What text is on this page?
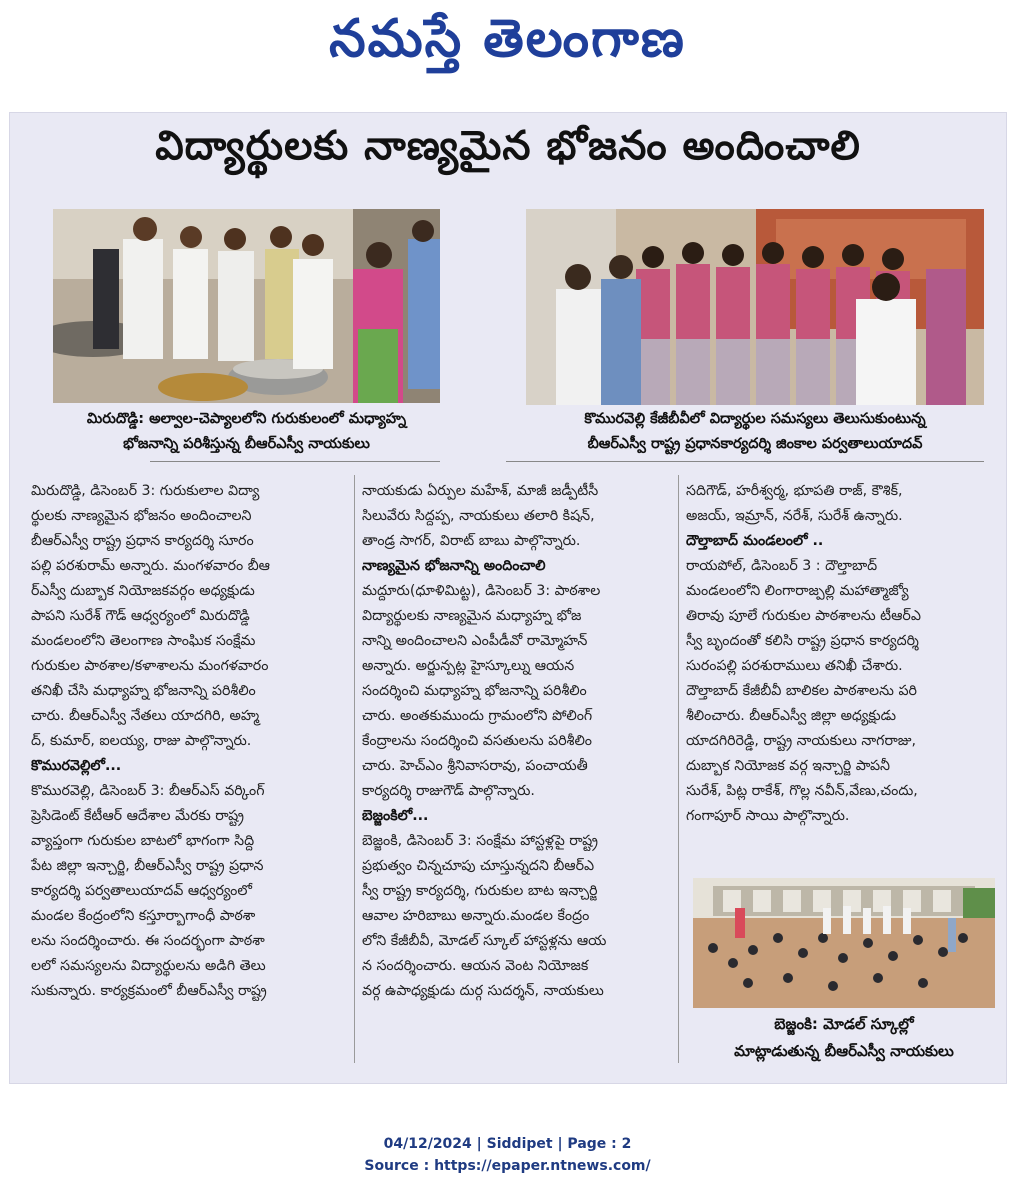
నమస్తే తెలంగాణ
విద్యార్థులకు నాణ్యమైన భోజనం అందించాలి
మిరుదొడ్డి: అల్వాల-చెప్యాలలోని గురుకులంలో మధ్యాహ్న
భోజనాన్ని పరిశీస్తున్న బీఆర్ఎస్వీ నాయకులు
కొమురవెల్లి కేజీబీవీలో విద్యార్థుల సమస్యలు తెలుసుకుంటున్న
బీఆర్ఎస్వీ రాష్ట్ర ప్రధానకార్యదర్శి జింకాల పర్వతాలుయాదవ్
మిరుదొడ్డి, డిసెంబర్ 3: గురుకులాల విద్యా
ర్థులకు నాణ్యమైన భోజనం అందించాలని
బీఆర్ఎస్వీ రాష్ట్ర ప్రధాన కార్యదర్శి సూరం
పల్లి పరశురామ్ అన్నారు. మంగళవారం బీఆ
ర్ఎస్వీ దుబ్బాక నియోజకవర్గం అధ్యక్షుడు
పాపని సురేశ్ గౌడ్ ఆధ్వర్యంలో మిరుదొడ్డి
మండలంలోని తెలంగాణ సాంఘిక సంక్షేమ
గురుకుల పాఠశాల/కళాశాలను మంగళవారం
తనిఖీ చేసి మధ్యాహ్న భోజనాన్ని పరిశీలిం
చారు. బీఆర్ఎస్వీ నేతలు యాదగిరి, అహ్మ
ద్, కుమార్, ఐలయ్య, రాజు పాల్గొన్నారు.
కొమురవెల్లిలో...
కొమురవెల్లి, డిసెంబర్ 3: బీఆర్ఎస్ వర్కింగ్
ప్రెసిడెంట్ కేటీఆర్ ఆదేశాల మేరకు రాష్ట్ర
వ్యాప్తంగా గురుకుల బాటలో భాగంగా సిద్ది
పేట జిల్లా ఇన్చార్జి, బీఆర్ఎస్వీ రాష్ట్ర ప్రధాన
కార్యదర్శి పర్వతాలుయాదవ్ ఆధ్వర్యంలో
మండల కేంద్రంలోని కస్తూర్బాగాంధీ పాఠశా
లను సందర్శించారు. ఈ సందర్భంగా పాఠశా
లలో సమస్యలను విద్యార్థులను అడిగి తెలు
సుకున్నారు. కార్యక్రమంలో బీఆర్ఎస్వీ రాష్ట్ర
నాయకుడు ఏర్పుల మహేశ్, మాజీ జడ్పీటీసీ
సిలువేరు సిద్దప్ప, నాయకులు తలారి కిషన్,
తాండ్ర సాగర్, విరాట్ బాబు పాల్గొన్నారు.
నాణ్యమైన భోజనాన్ని అందించాలి
మద్దూరు(ధూళిమిట్ట), డిసెంబర్ 3: పాఠశాల
విద్యార్థులకు నాణ్యమైన మధ్యాహ్న భోజ
నాన్ని అందించాలని ఎంపీడీవో రామ్మోహన్
అన్నారు. అర్జున్పట్ల హైస్కూల్ను ఆయన
సందర్శించి మధ్యాహ్న భోజనాన్ని పరిశీలిం
చారు. అంతకుముందు గ్రామంలోని పోలింగ్
కేంద్రాలను సందర్శించి వసతులను పరిశీలిం
చారు. హెచ్ఎం శ్రీనివాసరావు, పంచాయతీ
కార్యదర్శి రాజుగౌడ్ పాల్గొన్నారు.
బెజ్జంకిలో...
బెజ్జంకి, డిసెంబర్ 3: సంక్షేమ హాస్టళ్లపై రాష్ట్ర
ప్రభుత్వం చిన్నచూపు చూస్తున్నదని బీఆర్ఎ
స్వీ రాష్ట్ర కార్యదర్శి, గురుకుల బాట ఇన్చార్జి
ఆవాల హరిబాబు అన్నారు.మండల కేంద్రం
లోని కేజీబీవీ, మోడల్ స్కూల్ హాస్టళ్లను ఆయ
న సందర్శించారు. ఆయన వెంట నియోజక
వర్గ ఉపాధ్యక్షుడు దుర్గ సుదర్శన్, నాయకులు
సదిగౌడ్, హరీశ్వర్మ, భూపతి రాజ్, కౌశిక్,
అజయ్, ఇమ్రాన్, నరేశ్, సురేశ్ ఉన్నారు.
దౌల్తాబాద్ మండలంలో ..
రాయపోల్, డిసెంబర్ 3 : దౌల్తాబాద్
మండలంలోని లింగారాజ్పల్లి మహాత్మాజ్యో
తిరావు పూలే గురుకుల పాఠశాలను టీఆర్ఎ
స్వీ బృందంతో కలిసి రాష్ట్ర ప్రధాన కార్యదర్శి
సురంపల్లి పరశురాములు తనిఖీ చేశారు.
దౌల్తాబాద్ కేజీబీవీ బాలికల పాఠశాలను పరి
శీలించారు. బీఆర్ఎస్వీ జిల్లా అధ్యక్షుడు
యాదగిరిరెడ్డి, రాష్ట్ర నాయకులు నాగరాజు,
దుబ్బాక నియోజక వర్గ ఇన్చార్జి పాపనీ
సురేశ్, పిట్ల రాకేశ్, గొల్ల నవీన్,వేణు,చందు,
గంగాపూర్ సాయి పాల్గొన్నారు.
బెజ్జంకి: మోడల్ స్కూల్లో
మాట్లాడుతున్న బీఆర్ఎస్వీ నాయకులు
04/12/2024 | Siddipet | Page : 2
Source : https://epaper.ntnews.com/
